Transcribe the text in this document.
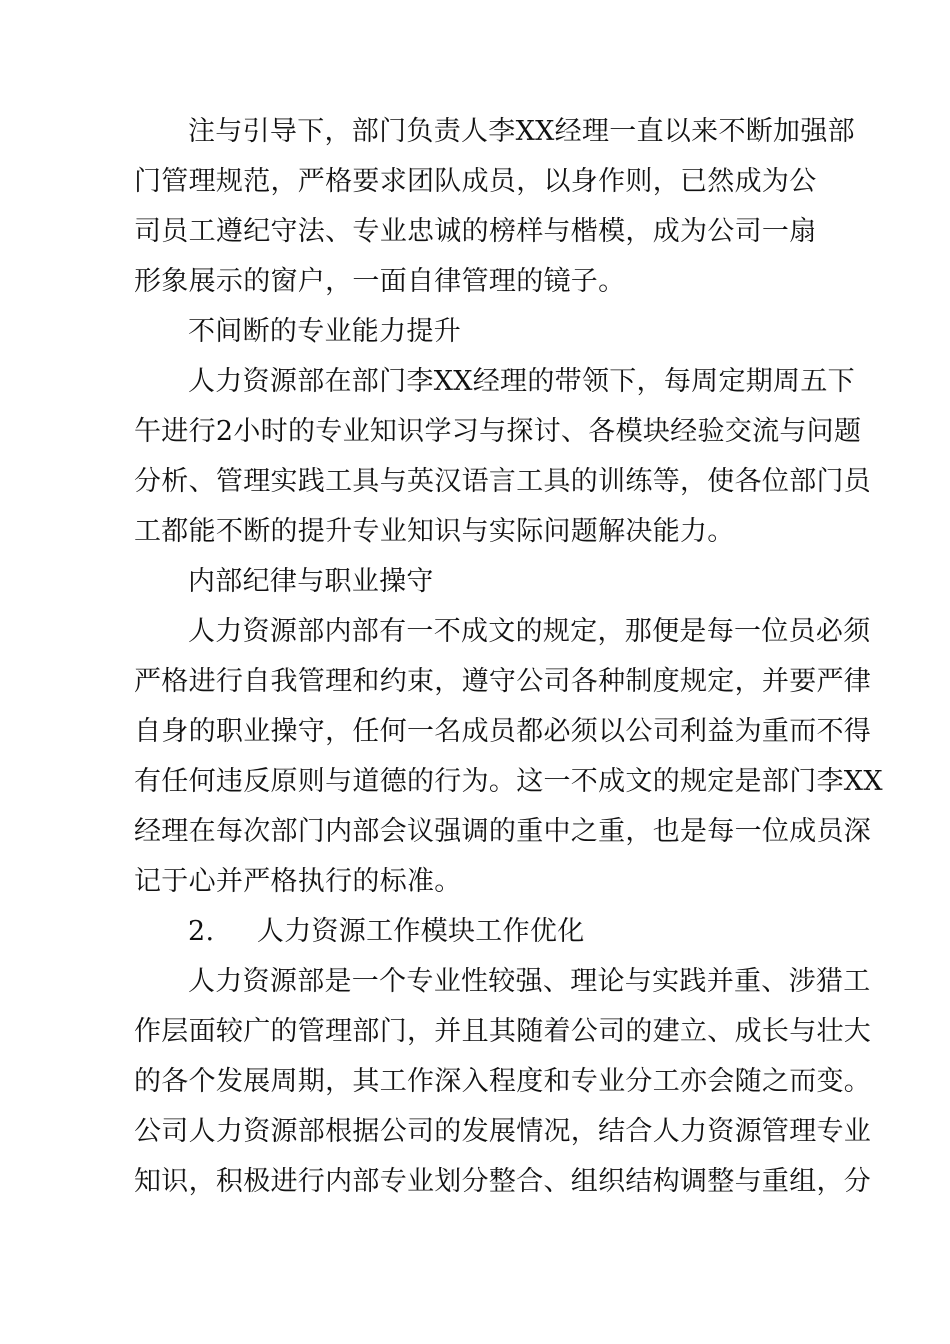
注与引导下，部门负责人李XX经理一直以来不断加强部
门管理规范，严格要求团队成员，以身作则，已然成为公
司员工遵纪守法、专业忠诚的榜样与楷模，成为公司一扇
形象展示的窗户，一面自律管理的镜子。
不间断的专业能力提升
人力资源部在部门李XX经理的带领下，每周定期周五下
午进行2小时的专业知识学习与探讨、各模块经验交流与问题
分析、管理实践工具与英汉语言工具的训练等，使各位部门员
工都能不断的提升专业知识与实际问题解决能力。
内部纪律与职业操守
人力资源部内部有一不成文的规定，那便是每一位员必须
严格进行自我管理和约束，遵守公司各种制度规定，并要严律
自身的职业操守，任何一名成员都必须以公司利益为重而不得
有任何违反原则与道德的行为。这一不成文的规定是部门李XX
经理在每次部门内部会议强调的重中之重，也是每一位成员深
记于心并严格执行的标准。
2. 人力资源工作模块工作优化
人力资源部是一个专业性较强、理论与实践并重、涉猎工
作层面较广的管理部门，并且其随着公司的建立、成长与壮大
的各个发展周期，其工作深入程度和专业分工亦会随之而变。
公司人力资源部根据公司的发展情况，结合人力资源管理专业
知识，积极进行内部专业划分整合、组织结构调整与重组，分
